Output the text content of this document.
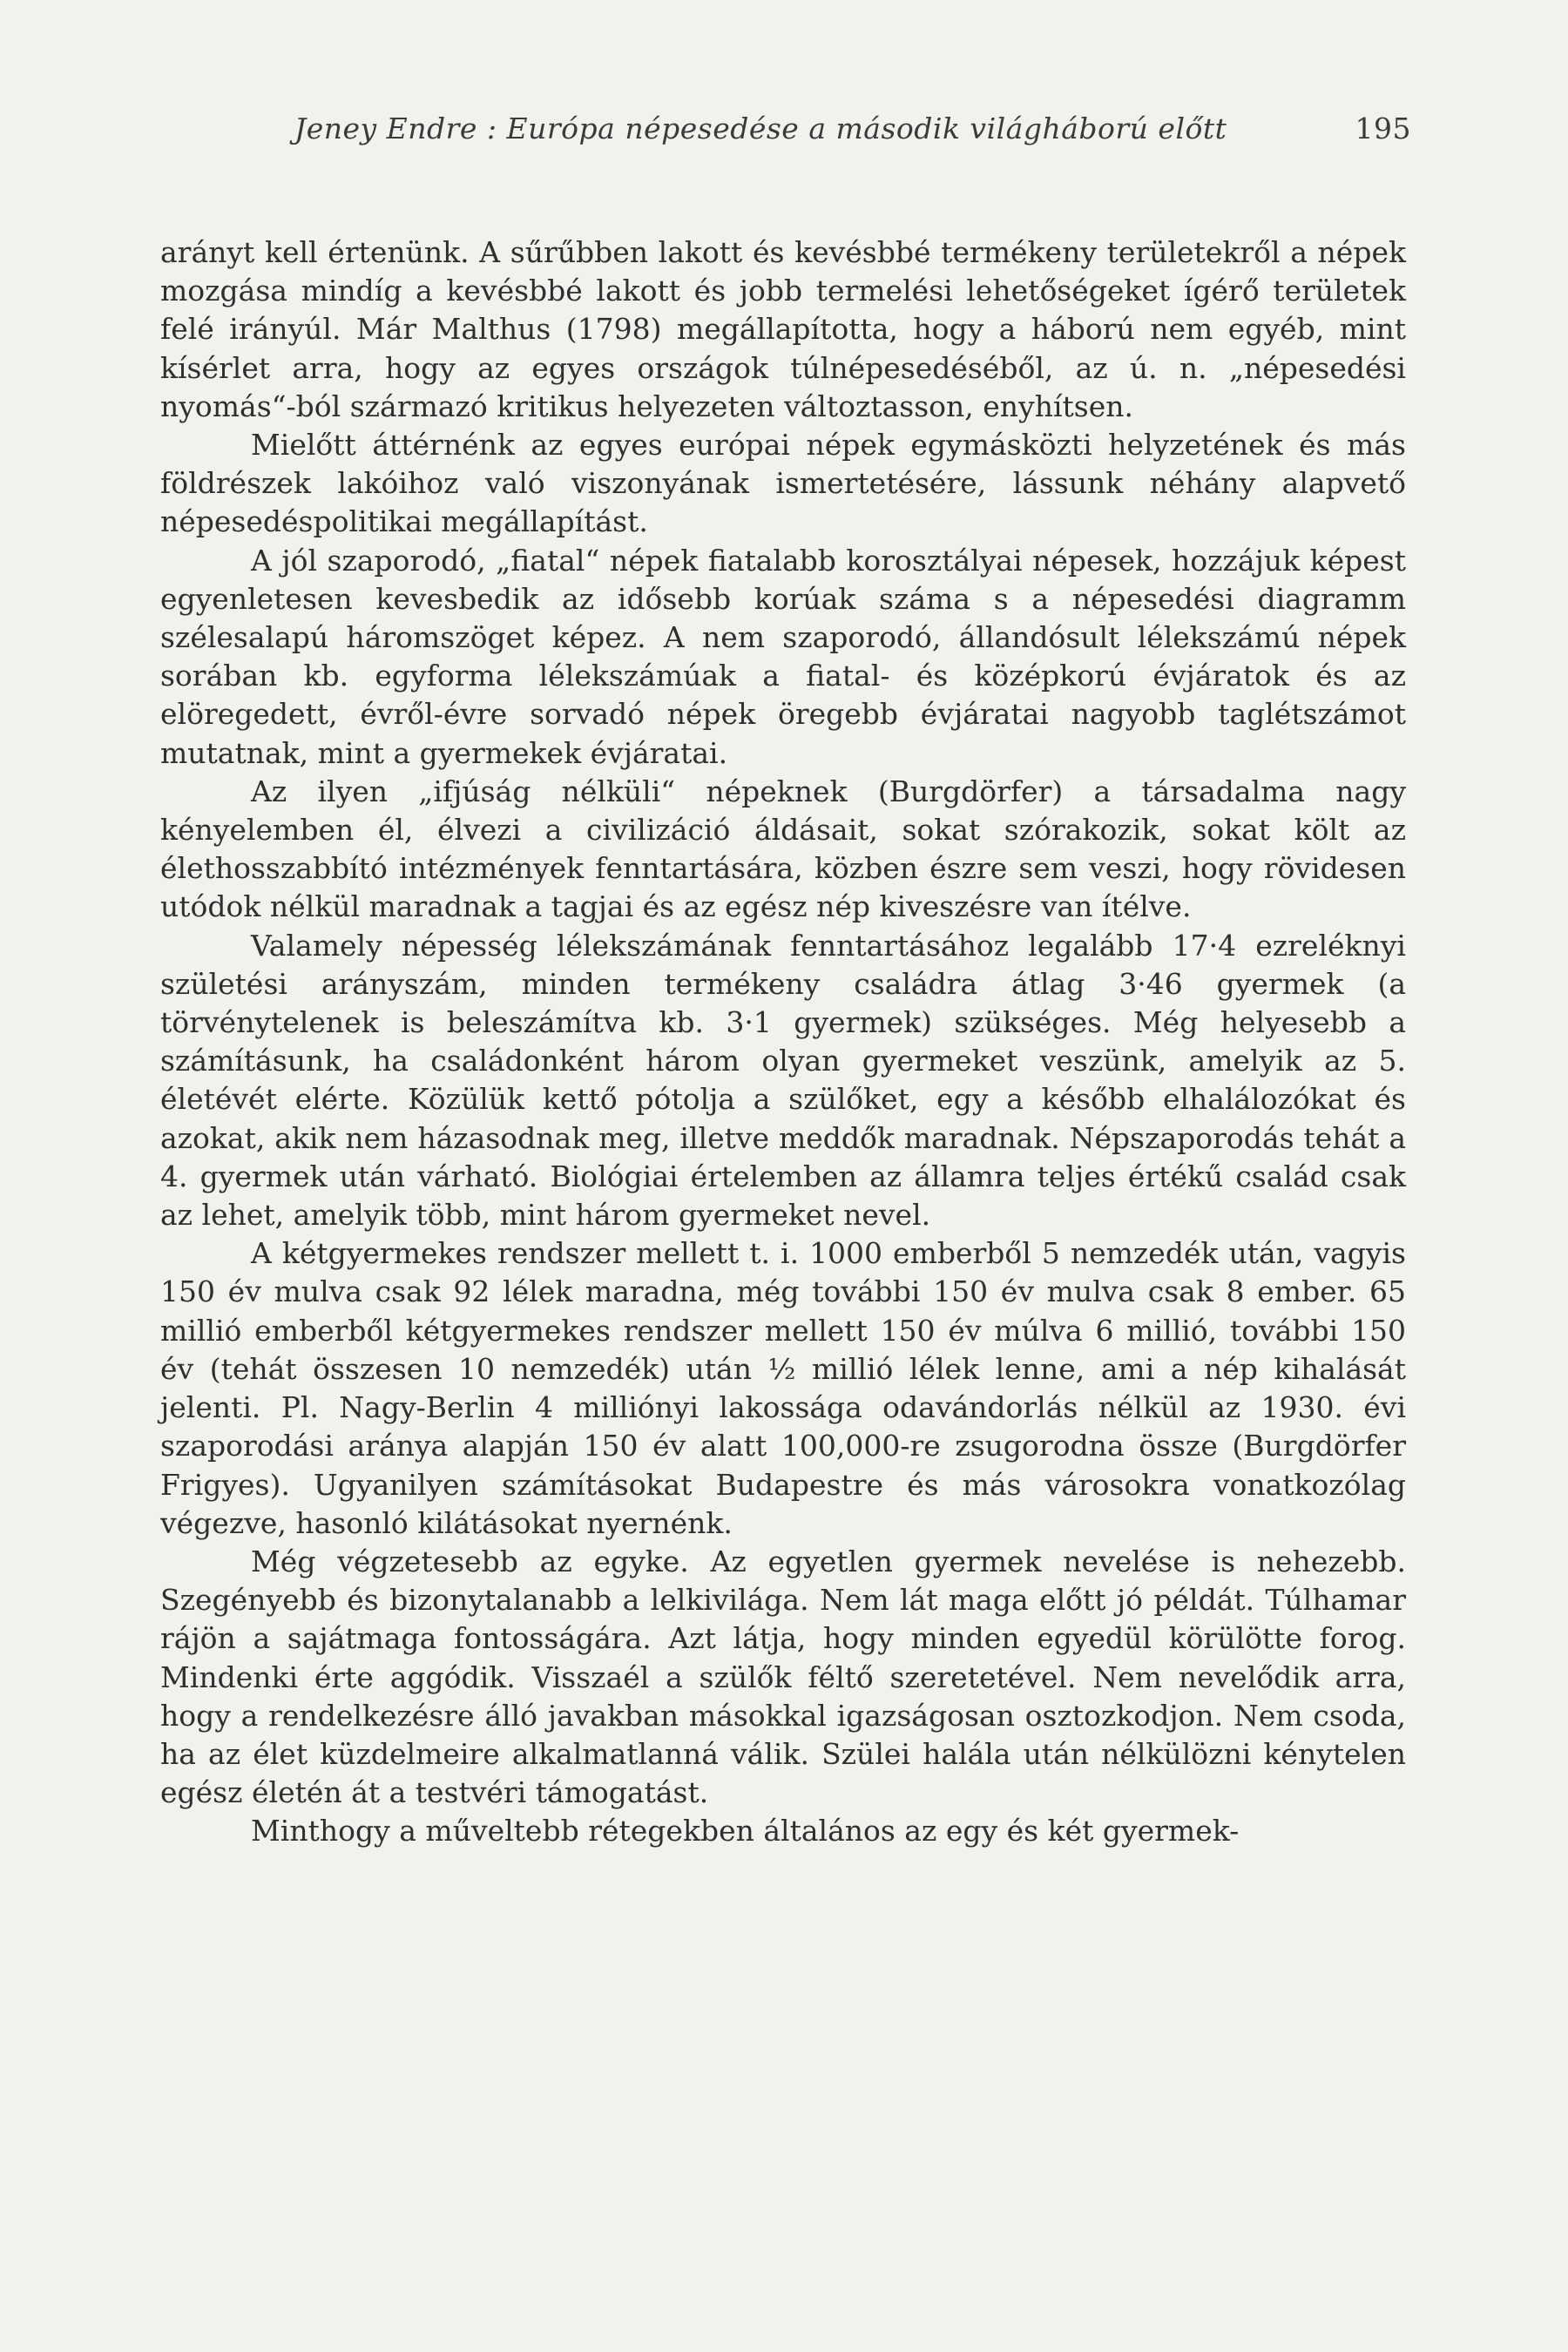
Jeney Endre : Európa népesedése a második világháború előtt	195

arányt kell értenünk. A sűrűbben lakott és kevésbbé termékeny területekről a népek mozgása mindíg a kevésbbé lakott és jobb termelési lehetőségeket ígérő területek felé irányúl. Már Malthus (1798) megállapította, hogy a háború nem egyéb, mint kísérlet arra, hogy az egyes országok túlnépesedéséből, az ú. n. „népesedési nyomás“-ból származó kritikus helyezeten változtasson, enyhítsen.

Mielőtt áttérnénk az egyes európai népek egymásközti helyzetének és más földrészek lakóihoz való viszonyának ismertetésére, lássunk néhány alapvető népesedéspolitikai megállapítást.

A jól szaporodó, „fiatal“ népek fiatalabb korosztályai népesek, hozzájuk képest egyenletesen kevesbedik az idősebb korúak száma s a népesedési diagramm szélesalapú háromszöget képez. A nem szaporodó, állandósult lélekszámú népek sorában kb. egyforma lélekszámúak a fiatal- és középkorú évjáratok és az elöregedett, évről-évre sorvadó népek öregebb évjáratai nagyobb taglétszámot mutatnak, mint a gyermekek évjáratai.

Az ilyen „ifjúság nélküli“ népeknek (Burgdörfer) a társadalma nagy kényelemben él, élvezi a civilizáció áldásait, sokat szórakozik, sokat költ az élethosszabbító intézmények fenntartására, közben észre sem veszi, hogy rövidesen utódok nélkül maradnak a tagjai és az egész nép kiveszésre van ítélve.

Valamely népesség lélekszámának fenntartásához legalább 17·4 ezreléknyi születési arányszám, minden termékeny családra átlag 3·46 gyermek (a törvénytelenek is beleszámítva kb. 3·1 gyermek) szükséges. Még helyesebb a számításunk, ha családonként három olyan gyermeket veszünk, amelyik az 5. életévét elérte. Közülük kettő pótolja a szülőket, egy a később elhalálozókat és azokat, akik nem házasodnak meg, illetve meddők maradnak. Népszaporodás tehát a 4. gyermek után várható. Biológiai értelemben az államra teljes értékű család csak az lehet, amelyik több, mint három gyermeket nevel.

A kétgyermekes rendszer mellett t. i. 1000 emberből 5 nemzedék után, vagyis 150 év mulva csak 92 lélek maradna, még további 150 év mulva csak 8 ember. 65 millió emberből kétgyermekes rendszer mellett 150 év múlva 6 millió, további 150 év (tehát összesen 10 nemzedék) után ½ millió lélek lenne, ami a nép kihalását jelenti. Pl. Nagy-Berlin 4 milliónyi lakossága odavándorlás nélkül az 1930. évi szaporodási aránya alapján 150 év alatt 100,000-re zsugorodna össze (Burgdörfer Frigyes). Ugyanilyen számításokat Budapestre és más városokra vonatkozólag végezve, hasonló kilátásokat nyernénk.

Még végzetesebb az egyke. Az egyetlen gyermek nevelése is nehezebb. Szegényebb és bizonytalanabb a lelkivilága. Nem lát maga előtt jó példát. Túlhamar rájön a sajátmaga fontosságára. Azt látja, hogy minden egyedül körülötte forog. Mindenki érte aggódik. Visszaél a szülők féltő szeretetével. Nem nevelődik arra, hogy a rendelkezésre álló javakban másokkal igazságosan osztozkodjon. Nem csoda, ha az élet küzdelmeire alkalmatlanná válik. Szülei halála után nélkülözni kénytelen egész életén át a testvéri támogatást.

Minthogy a műveltebb rétegekben általános az egy és két gyermek-
